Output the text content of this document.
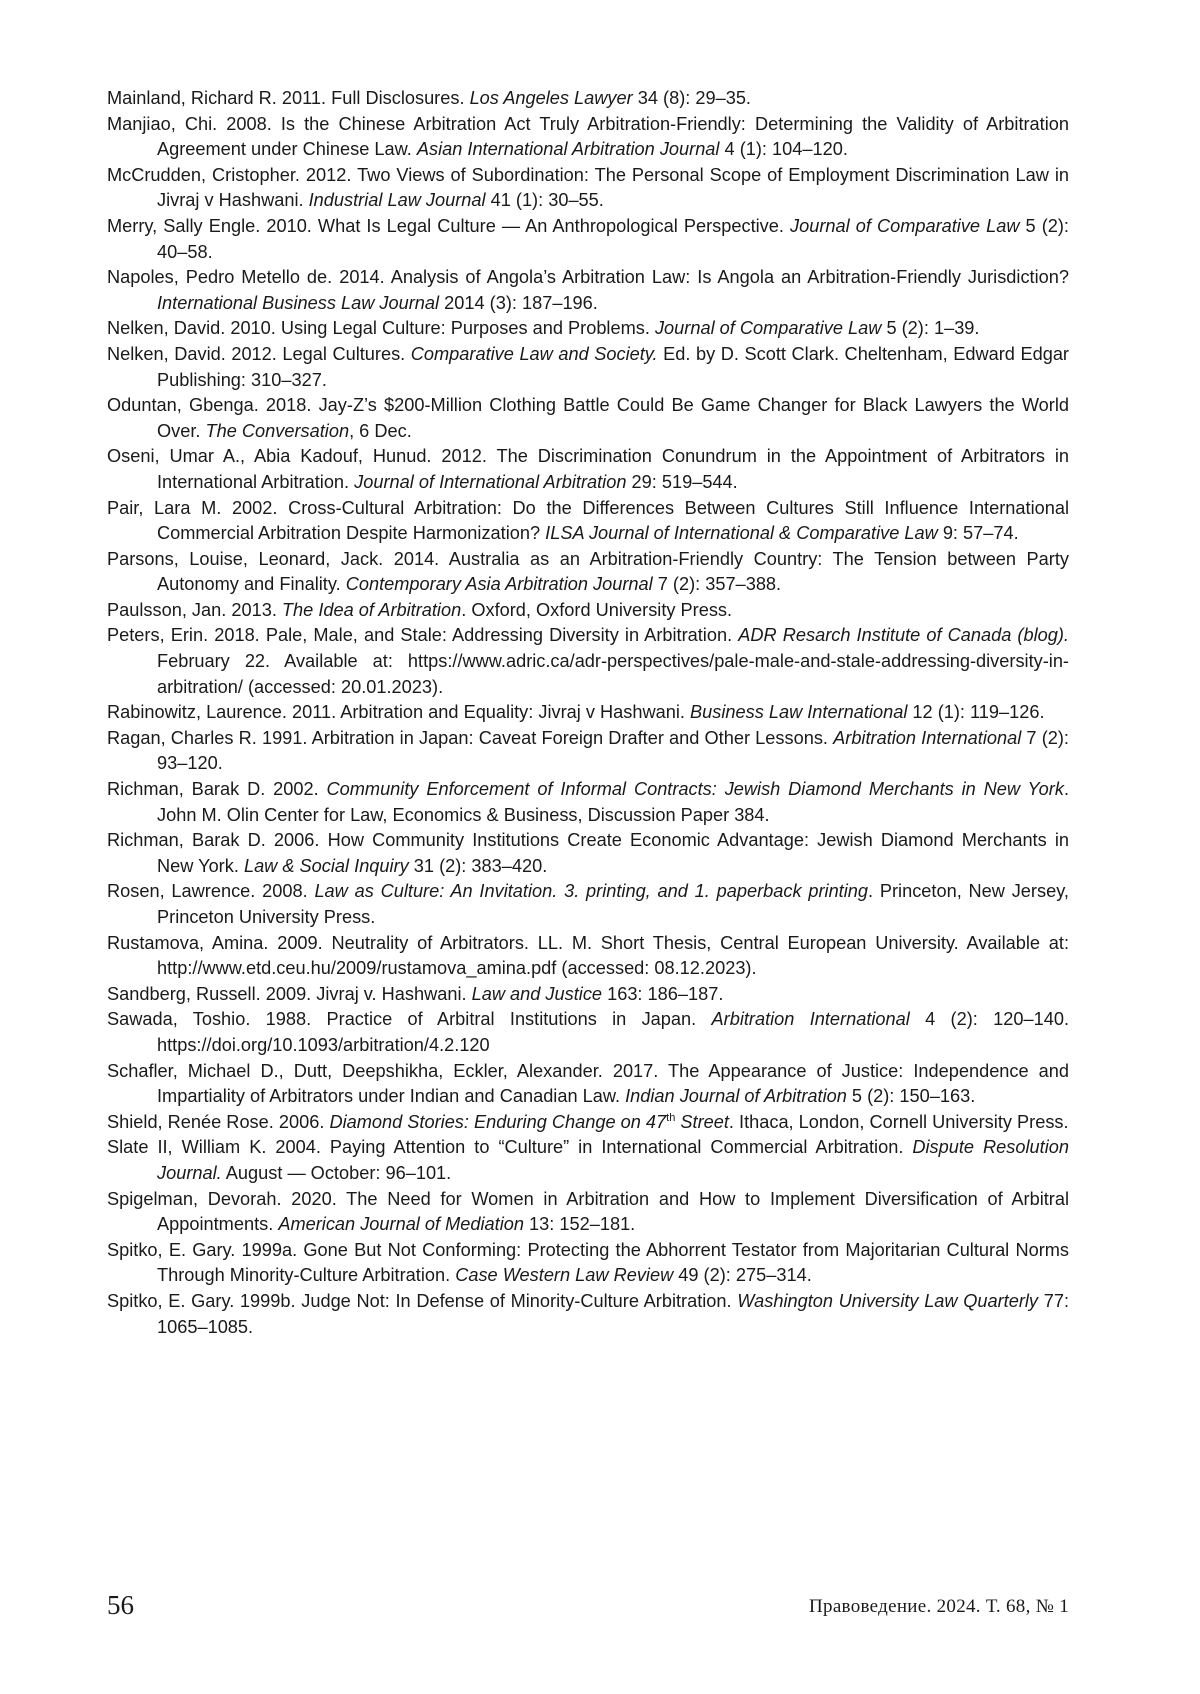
Mainland, Richard R. 2011. Full Disclosures. Los Angeles Lawyer 34 (8): 29–35.

Manjiao, Chi. 2008. Is the Chinese Arbitration Act Truly Arbitration-Friendly: Determining the Validity of Arbitration Agreement under Chinese Law. Asian International Arbitration Journal 4 (1): 104–120.

McCrudden, Cristopher. 2012. Two Views of Subordination: The Personal Scope of Employment Discrimination Law in Jivraj v Hashwani. Industrial Law Journal 41 (1): 30–55.

Merry, Sally Engle. 2010. What Is Legal Culture — An Anthropological Perspective. Journal of Comparative Law 5 (2): 40–58.

Napoles, Pedro Metello de. 2014. Analysis of Angola’s Arbitration Law: Is Angola an Arbitration-Friendly Jurisdiction? International Business Law Journal 2014 (3): 187–196.

Nelken, David. 2010. Using Legal Culture: Purposes and Problems. Journal of Comparative Law 5 (2): 1–39.

Nelken, David. 2012. Legal Cultures. Comparative Law and Society. Ed. by D. Scott Clark. Cheltenham, Edward Edgar Publishing: 310–327.

Oduntan, Gbenga. 2018. Jay-Z’s $200-Million Clothing Battle Could Be Game Changer for Black Lawyers the World Over. The Conversation, 6 Dec.

Oseni, Umar A., Abia Kadouf, Hunud. 2012. The Discrimination Conundrum in the Appointment of Arbitrators in International Arbitration. Journal of International Arbitration 29: 519–544.

Pair, Lara M. 2002. Cross-Cultural Arbitration: Do the Differences Between Cultures Still Influence International Commercial Arbitration Despite Harmonization? ILSA Journal of International & Comparative Law 9: 57–74.

Parsons, Louise, Leonard, Jack. 2014. Australia as an Arbitration-Friendly Country: The Tension between Party Autonomy and Finality. Contemporary Asia Arbitration Journal 7 (2): 357–388.

Paulsson, Jan. 2013. The Idea of Arbitration. Oxford, Oxford University Press.

Peters, Erin. 2018. Pale, Male, and Stale: Addressing Diversity in Arbitration. ADR Resarch Institute of Canada (blog). February 22. Available at: https://www.adric.ca/adr-perspectives/pale-male-and-stale-addressing-diversity-in-arbitration/ (accessed: 20.01.2023).

Rabinowitz, Laurence. 2011. Arbitration and Equality: Jivraj v Hashwani. Business Law International 12 (1): 119–126.

Ragan, Charles R. 1991. Arbitration in Japan: Caveat Foreign Drafter and Other Lessons. Arbitration International 7 (2): 93–120.

Richman, Barak D. 2002. Community Enforcement of Informal Contracts: Jewish Diamond Merchants in New York. John M. Olin Center for Law, Economics & Business, Discussion Paper 384.

Richman, Barak D. 2006. How Community Institutions Create Economic Advantage: Jewish Diamond Merchants in New York. Law & Social Inquiry 31 (2): 383–420.

Rosen, Lawrence. 2008. Law as Culture: An Invitation. 3. printing, and 1. paperback printing. Princeton, New Jersey, Princeton University Press.

Rustamova, Amina. 2009. Neutrality of Arbitrators. LL. M. Short Thesis, Central European University. Available at: http://www.etd.ceu.hu/2009/rustamova_amina.pdf (accessed: 08.12.2023).

Sandberg, Russell. 2009. Jivraj v. Hashwani. Law and Justice 163: 186–187.

Sawada, Toshio. 1988. Practice of Arbitral Institutions in Japan. Arbitration International 4 (2): 120–140. https://doi.org/10.1093/arbitration/4.2.120

Schafler, Michael D., Dutt, Deepshikha, Eckler, Alexander. 2017. The Appearance of Justice: Independence and Impartiality of Arbitrators under Indian and Canadian Law. Indian Journal of Arbitration 5 (2): 150–163.

Shield, Renée Rose. 2006. Diamond Stories: Enduring Change on 47th Street. Ithaca, London, Cornell University Press.

Slate II, William K. 2004. Paying Attention to “Culture” in International Commercial Arbitration. Dispute Resolution Journal. August — October: 96–101.

Spigelman, Devorah. 2020. The Need for Women in Arbitration and How to Implement Diversification of Arbitral Appointments. American Journal of Mediation 13: 152–181.

Spitko, E. Gary. 1999a. Gone But Not Conforming: Protecting the Abhorrent Testator from Majoritarian Cultural Norms Through Minority-Culture Arbitration. Case Western Law Review 49 (2): 275–314.

Spitko, E. Gary. 1999b. Judge Not: In Defense of Minority-Culture Arbitration. Washington University Law Quarterly 77: 1065–1085.

56	Правоведение. 2024. Т. 68, № 1
